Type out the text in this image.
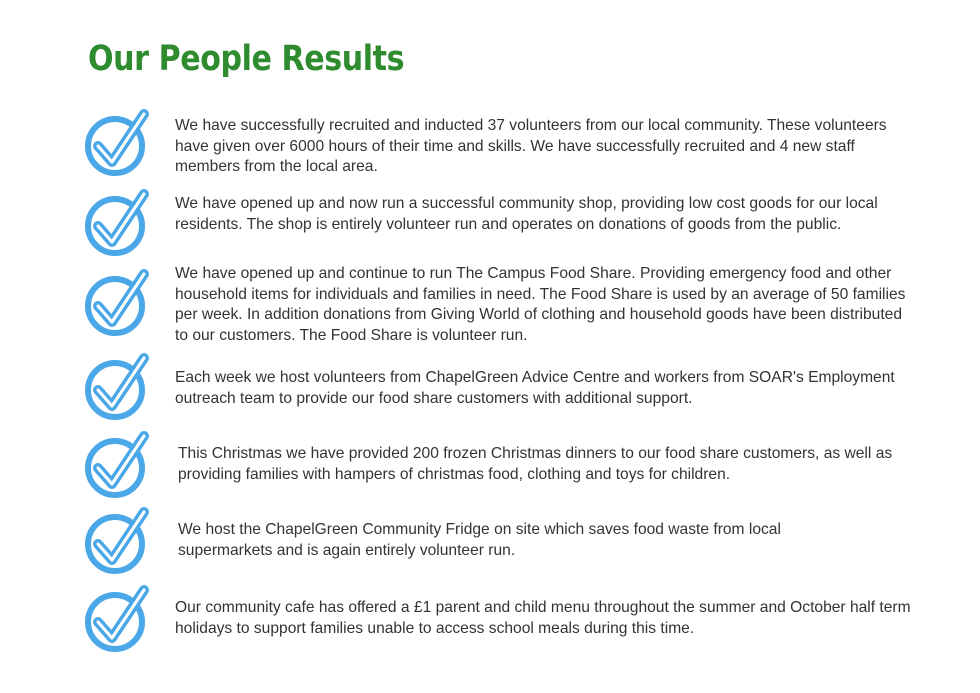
Our People Results

We have successfully recruited and inducted 37 volunteers from our local community. These volunteers have given over 6000 hours of their time and skills. We have successfully recruited and 4 new staff members from the local area.

We have opened up and now run a successful community shop, providing low cost goods for our local residents. The shop is entirely volunteer run and operates on donations of goods from the public.

We have opened up and continue to run The Campus Food Share. Providing emergency food and other household items for individuals and families in need. The Food Share is used by an average of 50 families per week. In addition donations from Giving World of clothing and household goods have been distributed to our customers. The Food Share is volunteer run.

Each week we host volunteers from ChapelGreen Advice Centre and workers from SOAR's Employment outreach team to provide our food share customers with additional support.

This Christmas we have provided 200 frozen Christmas dinners to our food share customers, as well as providing families with hampers of christmas food, clothing and toys for children.

We host the ChapelGreen Community Fridge on site which saves food waste from local supermarkets and is again entirely volunteer run.

Our community cafe has offered a £1 parent and child menu throughout the summer and October half term holidays to support families unable to access school meals during this time.
